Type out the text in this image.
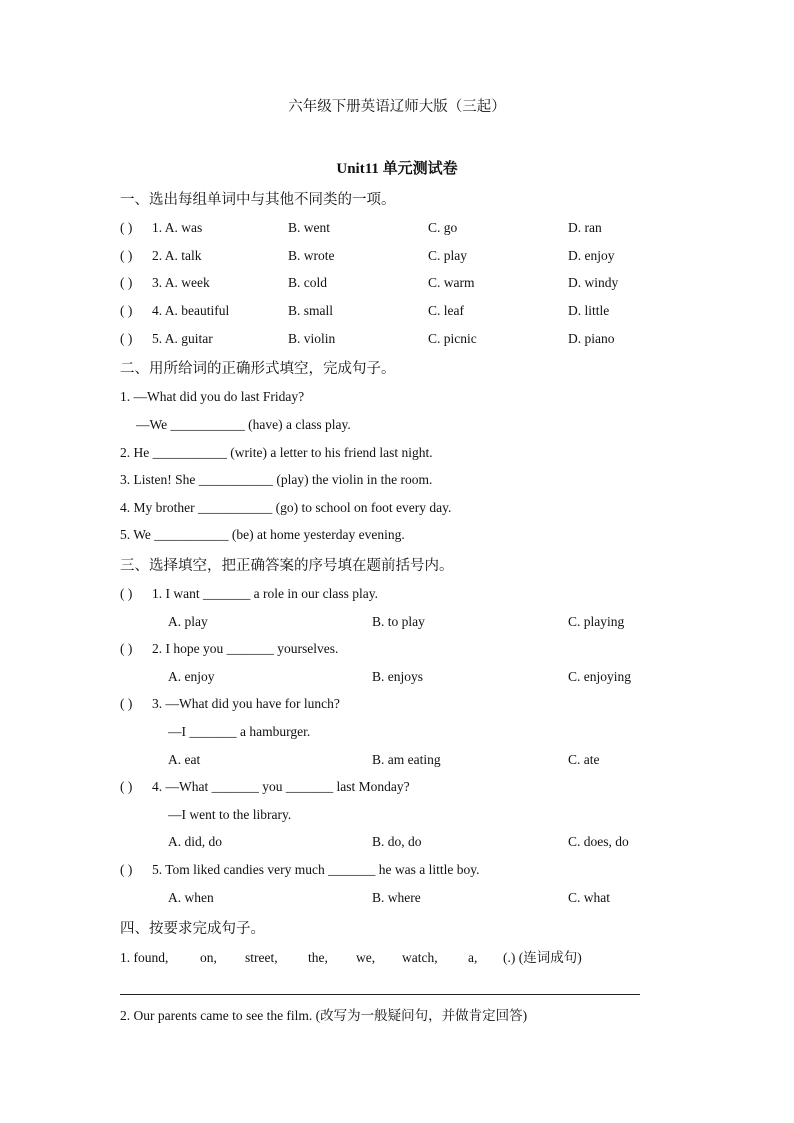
六年级下册英语辽师大版（三起）
Unit11 单元测试卷
一、选出每组单词中与其他不同类的一项。
( ) 1. A. was	B. went	C. go	D. ran
( ) 2. A. talk	B. wrote	C. play	D. enjoy
( ) 3. A. week	B. cold	C. warm	D. windy
( ) 4. A. beautiful	B. small	C. leaf	D. little
( ) 5. A. guitar	B. violin	C. picnic	D. piano
二、用所给词的正确形式填空，完成句子。
1. —What did you do last Friday?
—We ___________ (have) a class play.
2. He ___________ (write) a letter to his friend last night.
3. Listen! She ___________ (play) the violin in the room.
4. My brother ___________ (go) to school on foot every day.
5. We ___________ (be) at home yesterday evening.
三、选择填空，把正确答案的序号填在题前括号内。
( ) 1. I want _______ a role in our class play.
A. play	B. to play	C. playing
( ) 2. I hope you _______ yourselves.
A. enjoy	B. enjoys	C. enjoying
( ) 3. —What did you have for lunch?
—I _______ a hamburger.
A. eat	B. am eating	C. ate
( ) 4. —What _______ you _______ last Monday?
—I went to the library.
A. did, do	B. do, do	C. does, do
( ) 5. Tom liked candies very much _______ he was a little boy.
A. when	B. where	C. what
四、按要求完成句子。
1. found, on, street, the, we, watch, a, (.) (连词成句)
2. Our parents came to see the film. (改写为一般疑问句，并做肯定回答)
